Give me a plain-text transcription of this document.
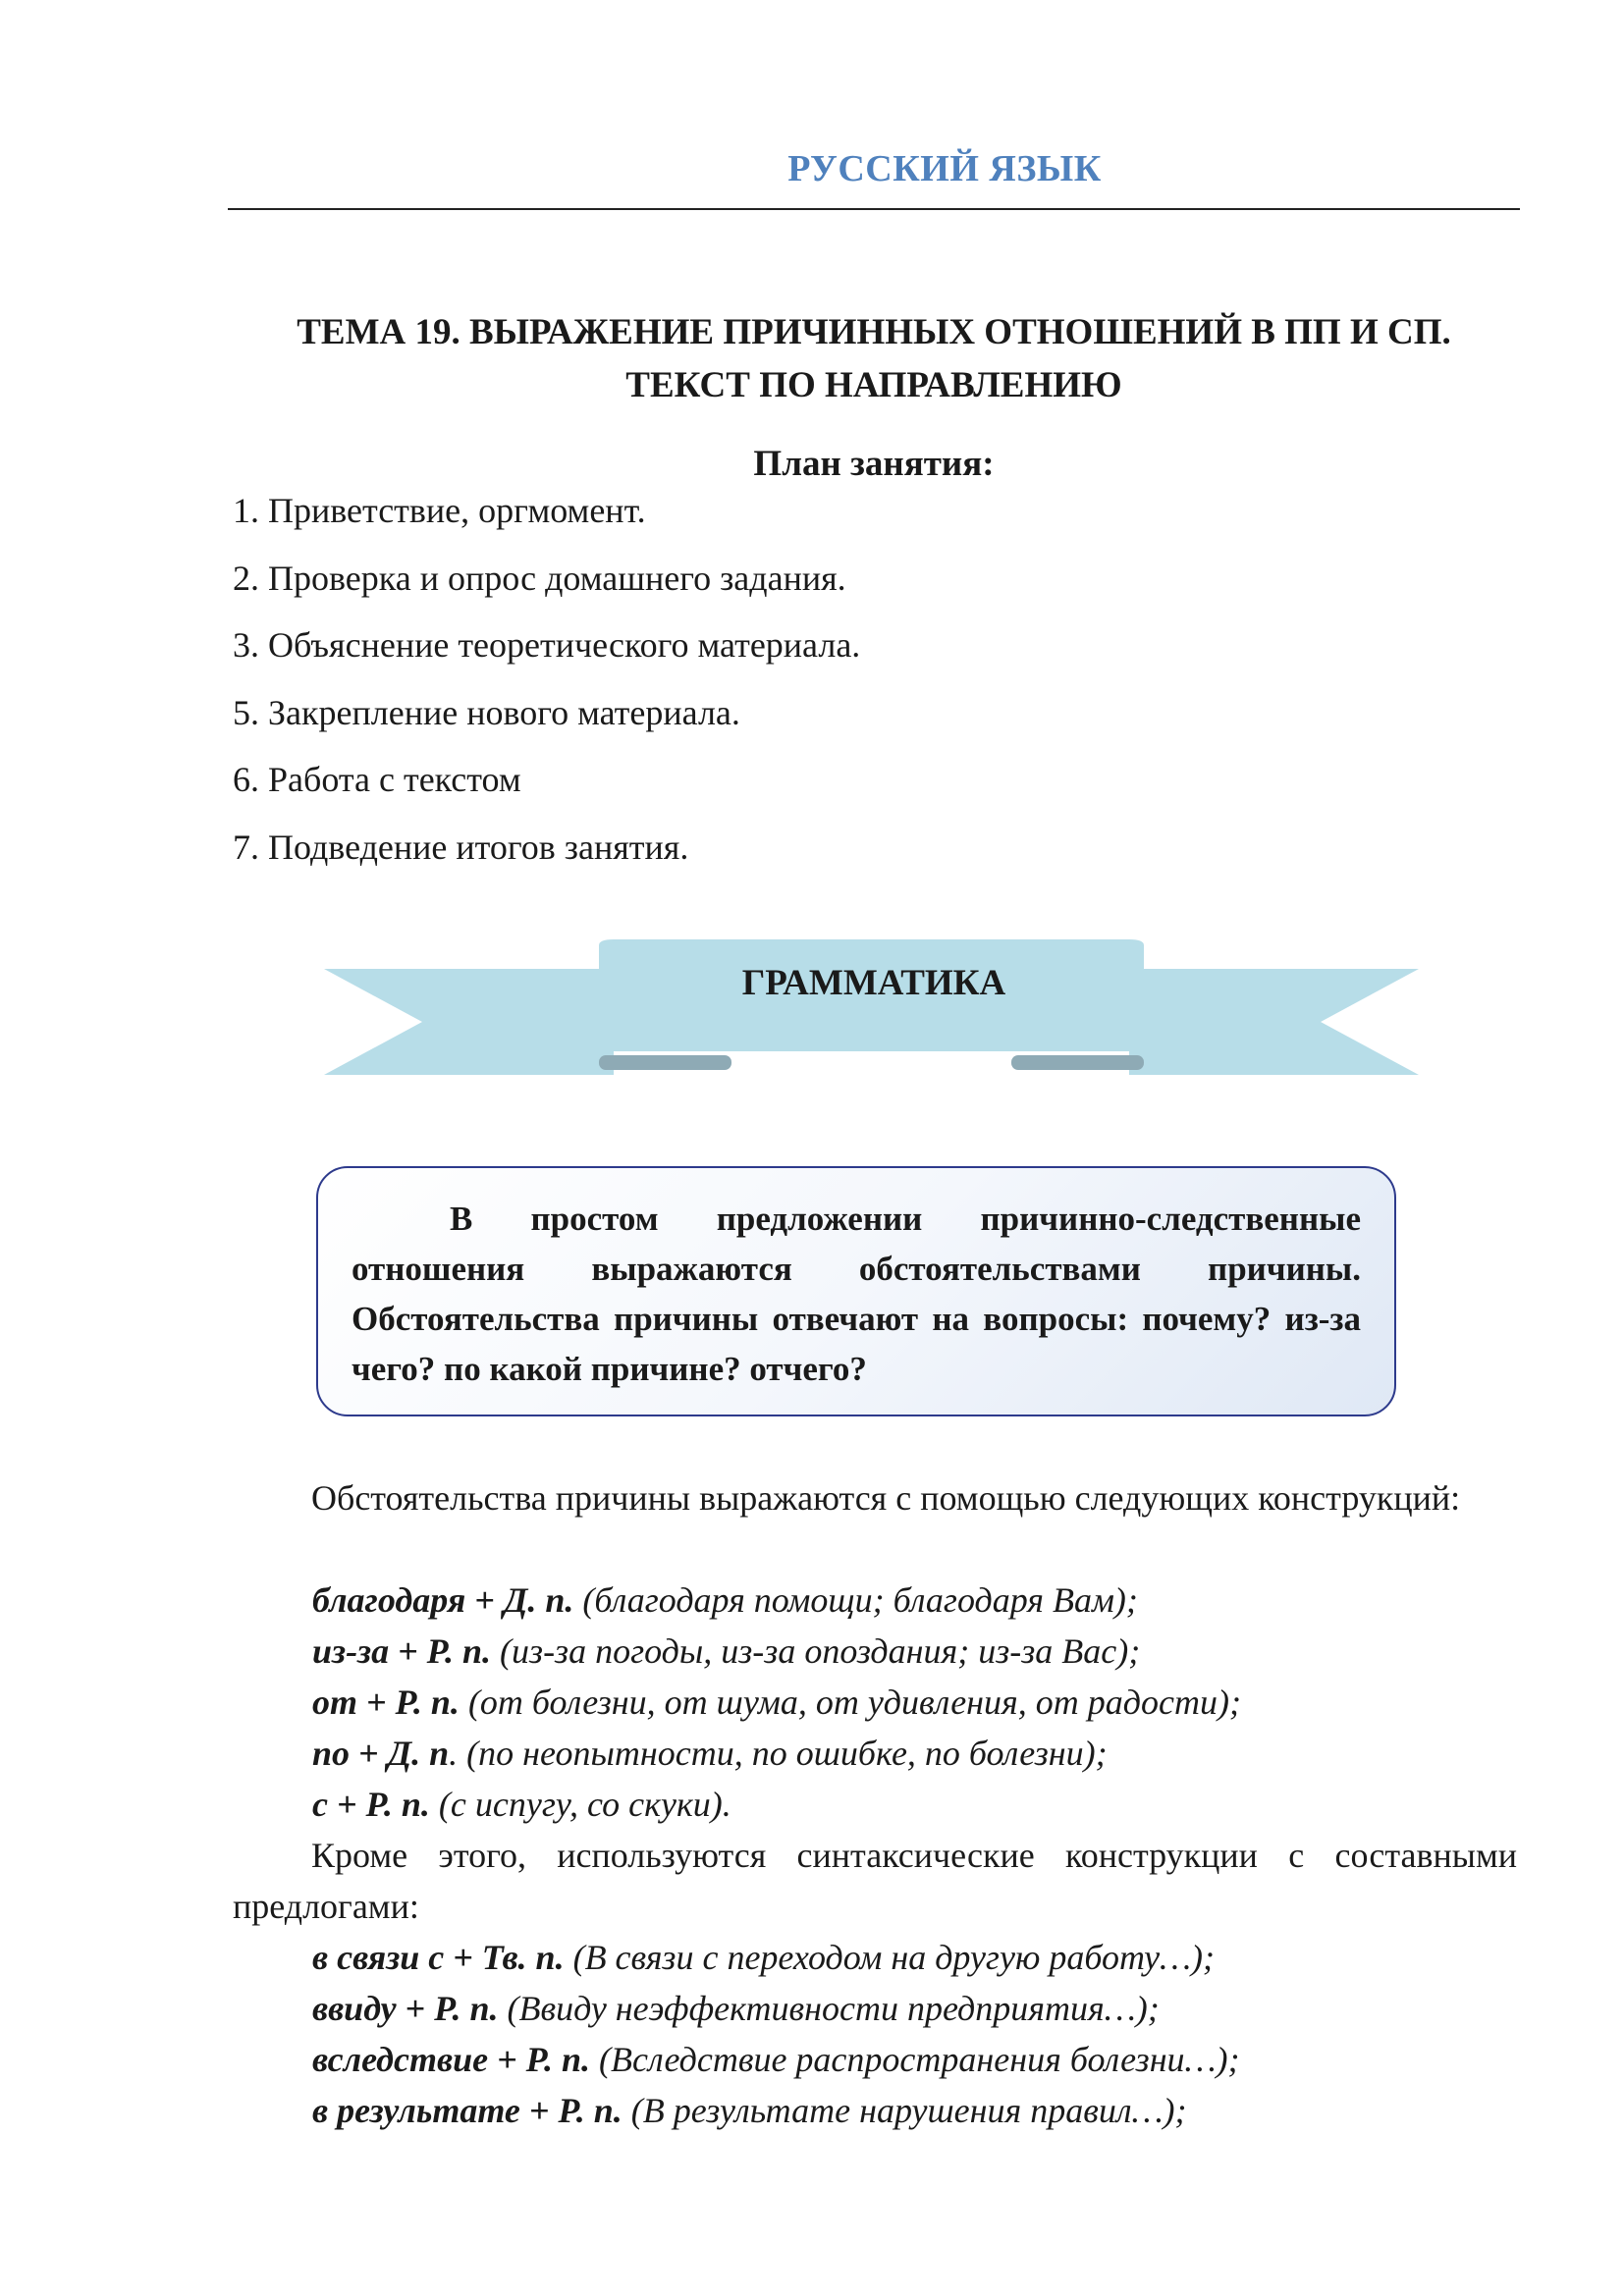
РУССКИЙ ЯЗЫК
ТЕМА 19. ВЫРАЖЕНИЕ ПРИЧИННЫХ ОТНОШЕНИЙ В ПП И СП.
ТЕКСТ ПО НАПРАВЛЕНИЮ
План занятия:
1. Приветствие, оргмомент.
2. Проверка и опрос домашнего задания.
3. Объяснение теоретического материала.
5. Закрепление нового материала.
6. Работа с текстом
7. Подведение итогов занятия.
ГРАММАТИКА

В простом предложении причинно-следственные отношения выражаются обстоятельствами причины. Обстоятельства причины отвечают на вопросы: почему? из-за чего? по какой причине? отчего?

Обстоятельства причины выражаются с помощью следующих конструкций:

благодаря + Д. п. (благодаря помощи; благодаря Вам);
из-за + Р. п. (из-за погоды, из-за опоздания; из-за Вас);
от + Р. п. (от болезни, от шума, от удивления, от радости);
по + Д. п. (по неопытности, по ошибке, по болезни);
с + Р. п. (с испугу, со скуки).

Кроме этого, используются синтаксические конструкции с составными предлогами:

в связи с + Тв. п. (В связи с переходом на другую работу…);
ввиду + Р. п. (Ввиду неэффективности предприятия…);
вследствие + Р. п. (Вследствие распространения болезни…);
в результате + Р. п. (В результате нарушения правил…);
